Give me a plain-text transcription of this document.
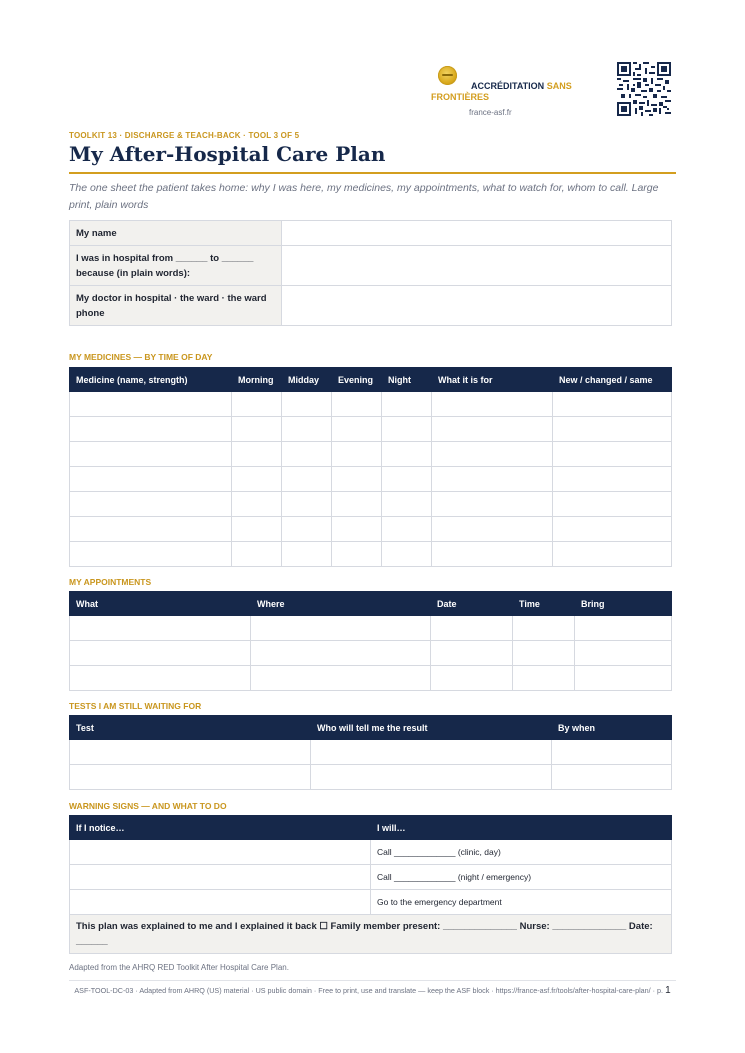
ACCRÉDITATION SANS
FRONTIÈRES
france-asf.fr
TOOLKIT 13 · DISCHARGE & TEACH-BACK · TOOL 3 OF 5
My After-Hospital Care Plan
The one sheet the patient takes home: why I was here, my medicines, my appointments, what to watch for, whom to call. Large print, plain words
My name	
I was in hospital from ______ to ______ because (in plain words):	
My doctor in hospital · the ward · the ward phone	
MY MEDICINES — BY TIME OF DAY
Medicine (name, strength)	Morning	Midday	Evening	Night	What it is for	New / changed / same

MY APPOINTMENTS
What	Where	Date	Time	Bring

TESTS I AM STILL WAITING FOR
Test	Who will tell me the result	By when

WARNING SIGNS — AND WHAT TO DO
If I notice…	I will…
	Call _____________ (clinic, day)
	Call _____________ (night / emergency)
	Go to the emergency department
This plan was explained to me and I explained it back ☐ Family member present: ______________ Nurse: ______________ Date: ______	
Adapted from the AHRQ RED Toolkit After Hospital Care Plan.
ASF-TOOL-DC-03 · Adapted from AHRQ (US) material · US public domain · Free to print, use and translate — keep the ASF block · https://france-asf.fr/tools/after-hospital-care-plan/ · p. 1
